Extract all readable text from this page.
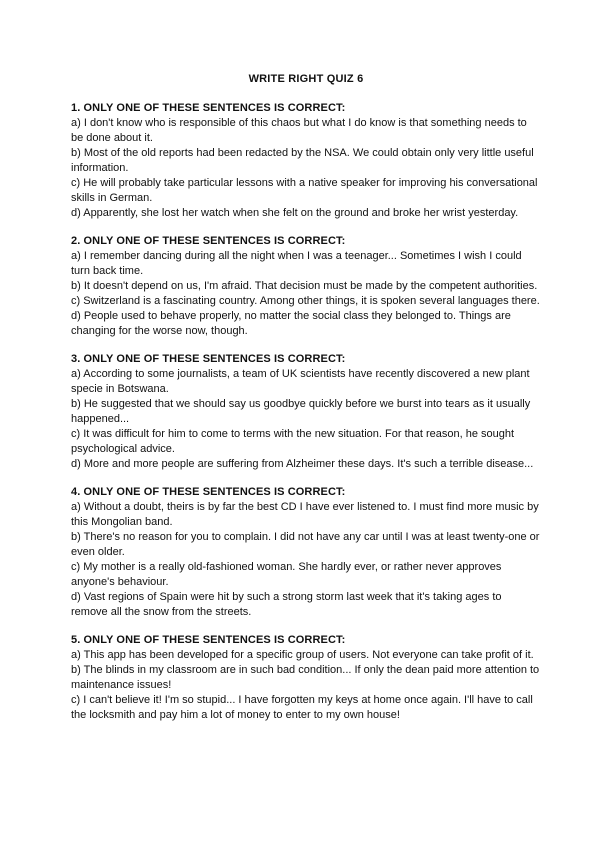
WRITE RIGHT QUIZ 6
1. ONLY ONE OF THESE SENTENCES IS CORRECT:
a) I don't know who is responsible of this chaos but what I do know is that something needs to be done about it.
b) Most of the old reports had been redacted by the NSA. We could obtain only very little useful information.
c) He will probably take particular lessons with a native speaker for improving his conversational skills in German.
d) Apparently, she lost her watch when she felt on the ground and broke her wrist yesterday.
2. ONLY ONE OF THESE SENTENCES IS CORRECT:
a) I remember dancing during all the night when I was a teenager... Sometimes I wish I could turn back time.
b) It doesn't depend on us, I'm afraid. That decision must be made by the competent authorities.
c) Switzerland is a fascinating country. Among other things, it is spoken several languages there.
d) People used to behave properly, no matter the social class they belonged to. Things are changing for the worse now, though.
3. ONLY ONE OF THESE SENTENCES IS CORRECT:
a) According to some journalists, a team of UK scientists have recently discovered a new plant specie in Botswana.
b) He suggested that we should say us goodbye quickly before we burst into tears as it usually happened...
c) It was difficult for him to come to terms with the new situation. For that reason, he sought psychological advice.
d) More and more people are suffering from Alzheimer these days. It's such a terrible disease...
4. ONLY ONE OF THESE SENTENCES IS CORRECT:
a) Without a doubt, theirs is by far the best CD I have ever listened to. I must find more music by this Mongolian band.
b) There's no reason for you to complain. I did not have any car until I was at least twenty-one or even older.
c) My mother is a really old-fashioned woman. She hardly ever, or rather never approves anyone's behaviour.
d) Vast regions of Spain were hit by such a strong storm last week that it's taking ages to remove all the snow from the streets.
5. ONLY ONE OF THESE SENTENCES IS CORRECT:
a) This app has been developed for a specific group of users. Not everyone can take profit of it.
b) The blinds in my classroom are in such bad condition... If only the dean paid more attention to maintenance issues!
c) I can't believe it! I'm so stupid... I have forgotten my keys at home once again. I'll have to call the locksmith and pay him a lot of money to enter to my own house!
